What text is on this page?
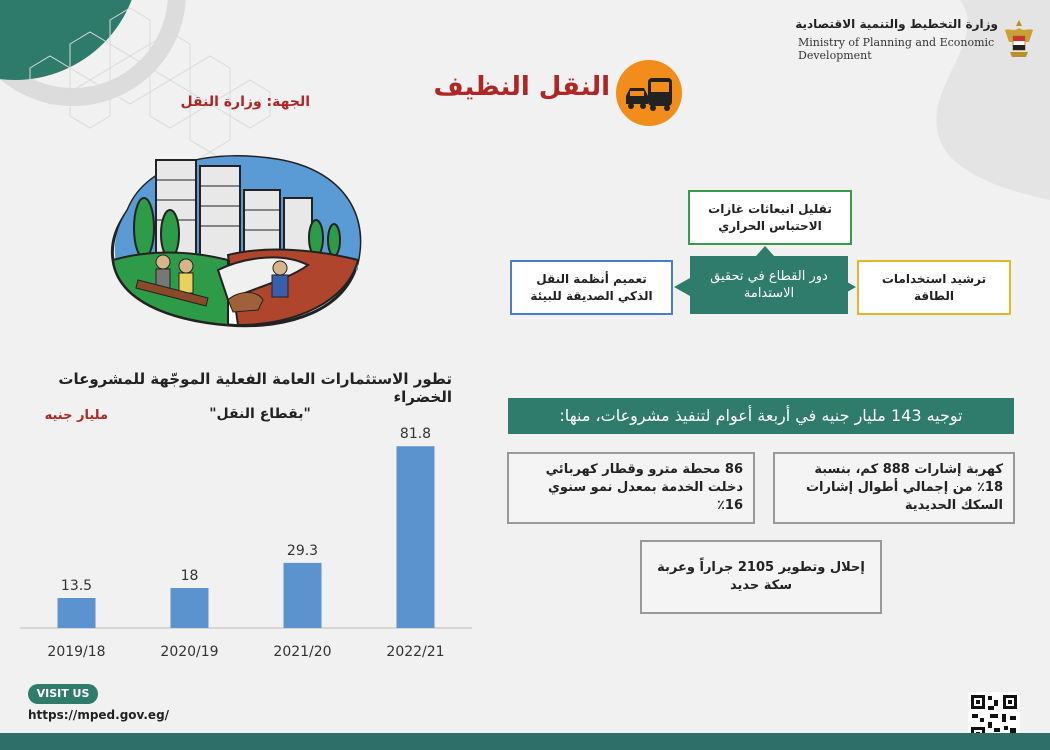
وزارة التخطيط والتنمية الاقتصادية
Ministry of Planning and Economic Development
النقل النظيف
الجهة: وزارة النقل
تقليل انبعاثات غازات الاحتباس الحراري
تعميم أنظمة النقل الذكي الصديقة للبيئة
ترشيد استخدامات الطاقة
دور القطاع في تحقيق الاستدامة
تطور الاستثمارات العامة الفعلية الموجّهة للمشروعات الخضراء
"بقطاع النقل"
مليار جنيه
13.5
2019/18
18
2020/19
29.3
2021/20
81.8
2022/21
توجيه 143 مليار جنيه في أربعة أعوام لتنفيذ مشروعات، منها:
كهربة إشارات 888 كم، بنسبة 18٪ من إجمالي أطوال إشارات السكك الحديدية
86 محطة مترو وقطار كهربائي دخلت الخدمة بمعدل نمو سنوي 16٪
إحلال وتطوير 2105 جراراً وعربة سكة حديد
VISIT US
https://mped.gov.eg/
